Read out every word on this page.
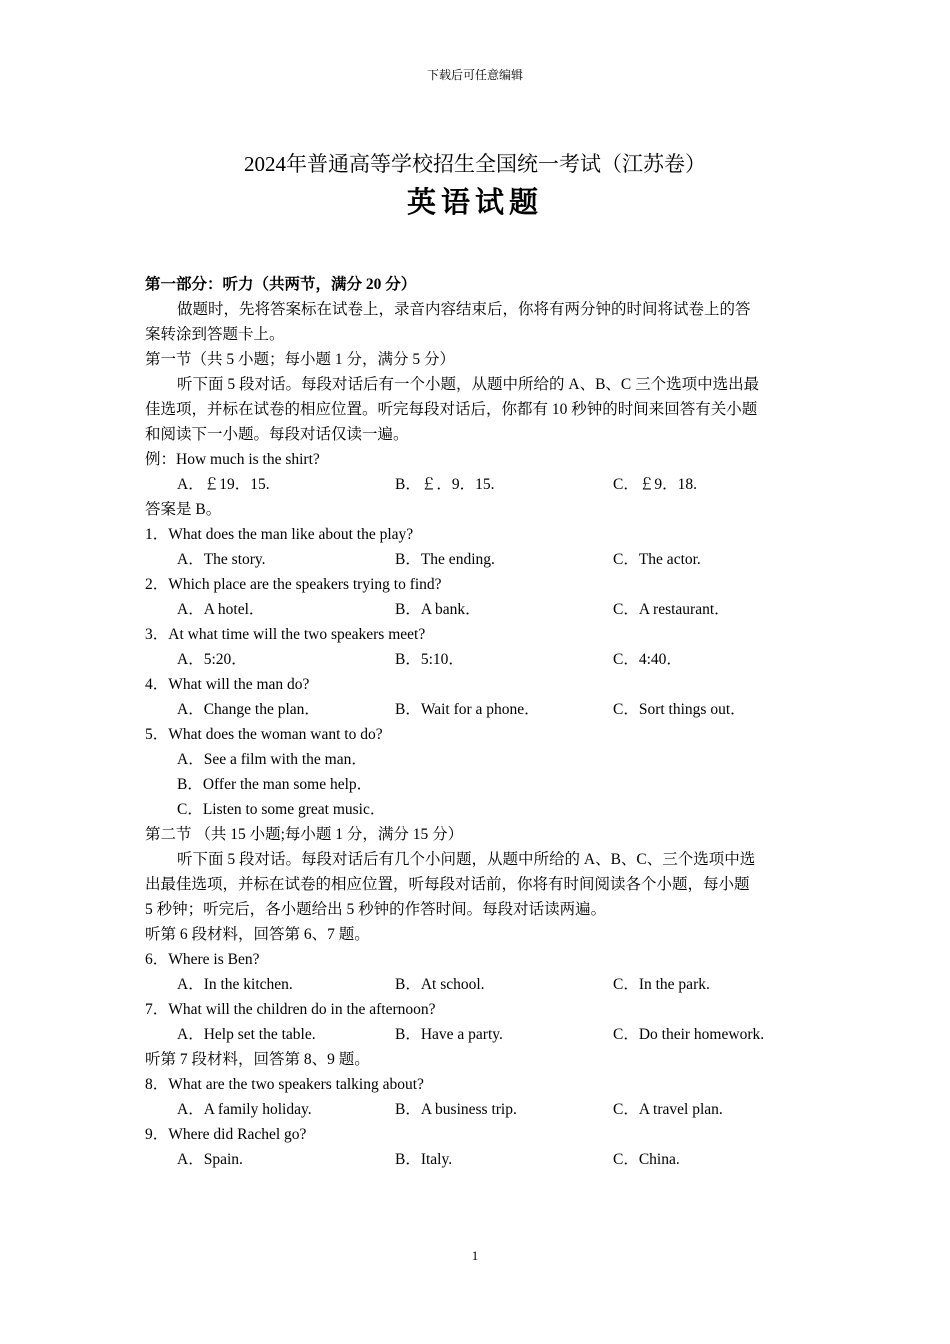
下载后可任意编辑
2024年普通高等学校招生全国统一考试（江苏卷）
英语试题
第一部分：听力（共两节，满分 20 分）
做题时，先将答案标在试卷上，录音内容结束后，你将有两分钟的时间将试卷上的答
案转涂到答题卡上。
第一节（共 5 小题；每小题 1 分，满分 5 分）
听下面 5 段对话。每段对话后有一个小题，从题中所给的 A、B、C 三个选项中选出最
佳选项，并标在试卷的相应位置。听完每段对话后，你都有 10 秒钟的时间来回答有关小题
和阅读下一小题。每段对话仅读一遍。
例：How much is the shirt?
A．￡19．15.	B．￡．9．15.	C．￡9．18.
答案是 B。
1．What does the man like about the play?
A．The story.	B．The ending.	C．The actor.
2．Which place are the speakers trying to find?
A．A hotel．	B．A bank．	C．A restaurant．
3．At what time will the two speakers meet?
A．5:20．	B．5:10．	C．4:40．
4．What will the man do?
A．Change the plan．	B．Wait for a phone．	C．Sort things out．
5．What does the woman want to do?
A．See a film with the man．
B．Offer the man some help．
C．Listen to some great music．
第二节 （共 15 小题;每小题 1 分，满分 15 分）
听下面 5 段对话。每段对话后有几个小问题，从题中所给的 A、B、C、三个选项中选
出最佳选项，并标在试卷的相应位置，听每段对话前，你将有时间阅读各个小题，每小题
5 秒钟；听完后，各小题给出 5 秒钟的作答时间。每段对话读两遍。
听第 6 段材料，回答第 6、7 题。
6．Where is Ben?
A．In the kitchen.	B．At school.	C．In the park.
7．What will the children do in the afternoon?
A．Help set the table.	B．Have a party.	C．Do their homework.
听第 7 段材料，回答第 8、9 题。
8．What are the two speakers talking about?
A．A family holiday.	B．A business trip.	C．A travel plan.
9．Where did Rachel go?
A．Spain.	B．Italy.	C．China.
1
